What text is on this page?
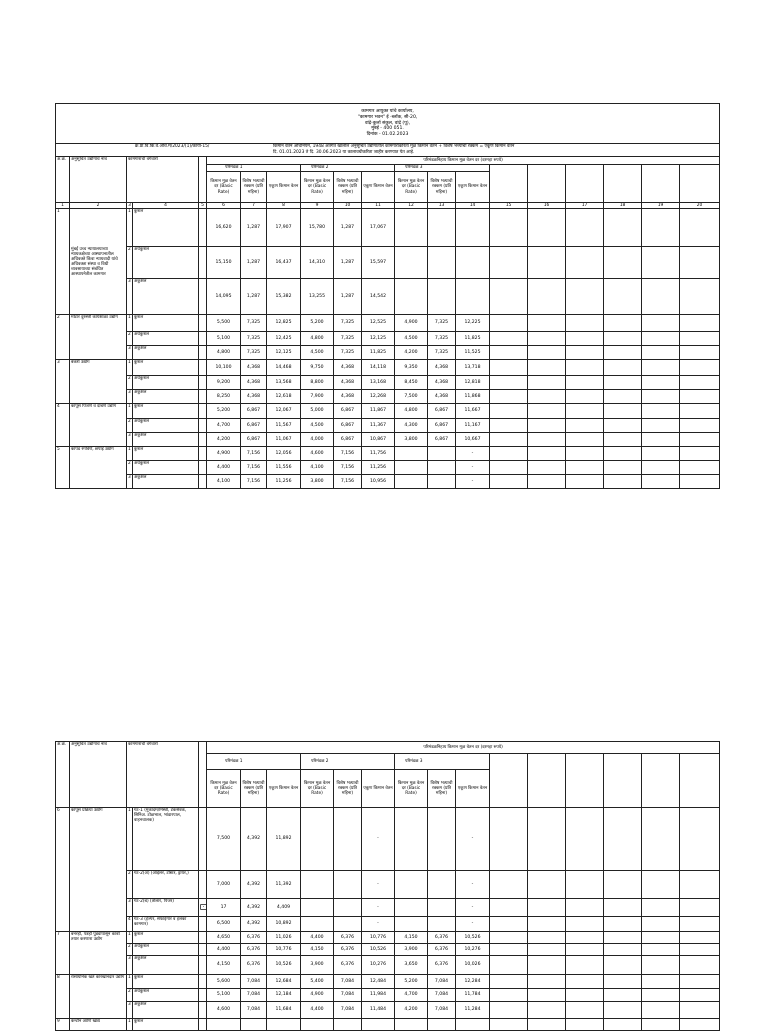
कामगार आयुक्त यांचे कार्यालय,
"कामगार भवन" ई -ब्लॉक, सी-20,
वांद्रे-कुर्ला संकुल, वांद्रे (पू),
मुंबई - 400 051.
दिनांक - 01.02.2023																			

क्र.प्रा.वि.कि.वे.अधि.मं/2023/(1)/कार्या-15/ किमान वेतन अधिनियम, 1948 अंतर्गत खालील अनुसूचित उद्योगातील कामगारांकरिता मूळ किमान वेतन + विशेष भत्त्याची रक्कम = एकूण किमान वेतन
दि. 01.01.2023 ते दि. 30.06.2023 या कालावधीकरिता जाहीर करण्यात येत आहे.																			

अ.क्र.	अनुसूचित उद्योगाचे नाव	कामगारांची वर्गवारी			परिमंडळनिहाय किमान मूळ वेतन दर (दरमहा रुपये)														
					परिमंडळ 1			परिमंडळ 2			परिमंडळ 3								
					किमान मूळ वेतन दर (Basic Rate)	विशेष भत्याची रक्कम (प्रति महिना)	एकूण किमान वेतन	किमान मूळ वेतन दर (Basic Rate)	विशेष भत्याची रक्कम (प्रति महिना)	एकूण किमान वेतन	किमान मूळ वेतन दर (Basic Rate)	विशेष भत्याची रक्कम (प्रति महिना)	एकूण किमान वेतन						
1	2	3	4	5	6	7	8	9	10	11	12	13	14	15	16	17	18	19	20
1	मुंबई उच्च न्यायालयाच्या न्यायकक्षेच्या आस्थापनातील अधिवक्ते किंवा न्यायवादी यांचे अधिवक्ता संस्था व विधी व्यवसायाच्या संबंधित आस्थापनेतील कामगार	1	कुशल		16,620	1,287	17,907	15,780	1,287	17,067									
		2	अर्धकुशल		15,150	1,287	16,437	14,310	1,287	15,597									
		3	अकुशल		14,095	1,287	15,382	13,255	1,287	14,542									
2	मोटार दुरुस्ती कार्यशाळा उद्योग	1	कुशल		5,500	7,325	12,825	5,200	7,325	12,525	4,900	7,325	12,225						
		2	अर्धकुशल		5,100	7,325	12,425	4,800	7,325	12,125	4,500	7,325	11,825						
		3	अकुशल		4,800	7,325	12,125	4,500	7,325	11,825	4,200	7,325	11,525						
3	बेकरी उद्योग	1	कुशल		10,100	4,368	14,468	9,750	4,368	14,118	9,350	4,368	13,718						
		2	अर्धकुशल		9,200	4,368	13,568	8,800	4,368	13,168	8,450	4,368	12,818						
		3	अकुशल		8,250	4,368	12,618	7,900	4,368	12,268	7,500	4,368	11,868						
4	कापूस पिंजणे व दाबणे उद्योग	1	कुशल		5,200	6,867	12,067	5,000	6,867	11,867	4,800	6,867	11,667						
		2	अर्धकुशल		4,700	6,867	11,567	4,500	6,867	11,367	4,300	6,867	11,167						
		3	अकुशल		4,200	6,867	11,067	4,000	6,867	10,867	3,800	6,867	10,667						
5	कापड रंगविणे, छपाई उद्योग	1	कुशल		4,900	7,156	12,056	4,600	7,156	11,756			-						
		2	अर्धकुशल		4,400	7,156	11,556	4,100	7,156	11,256			-						
		3	अकुशल		4,100	7,156	11,256	3,800	7,156	10,956			-						
अ.क्र.	अनुसूचित उद्योगाचे नाव	कामगारांची वर्गवारी			परिमंडळनिहाय किमान मूळ वेतन दर (दरमहा रुपये)														
					परिमंडळ 1			परिमंडळ 2			परिमंडळ 3								
					किमान मूळ वेतन दर (Basic Rate)	विशेष भत्याची रक्कम (प्रति महिना)	एकूण किमान वेतन	किमान मूळ वेतन दर (Basic Rate)	विशेष भत्याची रक्कम (प्रति महिना)	एकूण किमान वेतन	किमान मूळ वेतन दर (Basic Rate)	विशेष भत्याची रक्कम (प्रति महिना)	एकूण किमान वेतन						
6	कापूस प्रक्रिया उद्योग	1	गट-1 (मुकादम/मिस्त्री, टॅकसेवक, सिनिअ. टोळभाल, भांडारपाल, वाहनचालक)		7,500	4,392	11,892			-			-						
		2	गट-2(अ) (ऑईलर, टोस्टर, ड्रायर,)		7,000	4,392	11,392			-			-						
		3	गट-2(ब) (तोलार, पिंजर)	ᵒ	17	4,392	4,409			-			-						
		4	गट-3 (हेल्पर, सफाईगार व हलका कामगार)		6,500	4,392	10,892			-			-						
7	बनरही, पत्रही पुड्यापासून कांबी तयार करणारा उद्योग	1	कुशल		4,650	6,376	11,026	4,400	6,376	10,776	4,150	6,376	10,526						
		2	अर्धकुशल		4,400	6,376	10,776	4,150	6,376	10,526	3,900	6,376	10,276						
		3	अकुशल		4,150	6,376	10,526	3,900	6,376	10,276	3,650	6,376	10,026						
8	रासायनिक खते कारखानदार उद्योग	1	कुशल		5,600	7,084	12,684	5,400	7,084	12,484	5,200	7,084	12,284						
		2	अर्धकुशल		5,100	7,084	12,184	4,900	7,084	11,984	4,700	7,084	11,784						
		3	अकुशल		4,600	7,084	11,684	4,400	7,084	11,484	4,200	7,084	11,284						
9	कॅन्टीन आणि खाद्य	1	कुशल																
